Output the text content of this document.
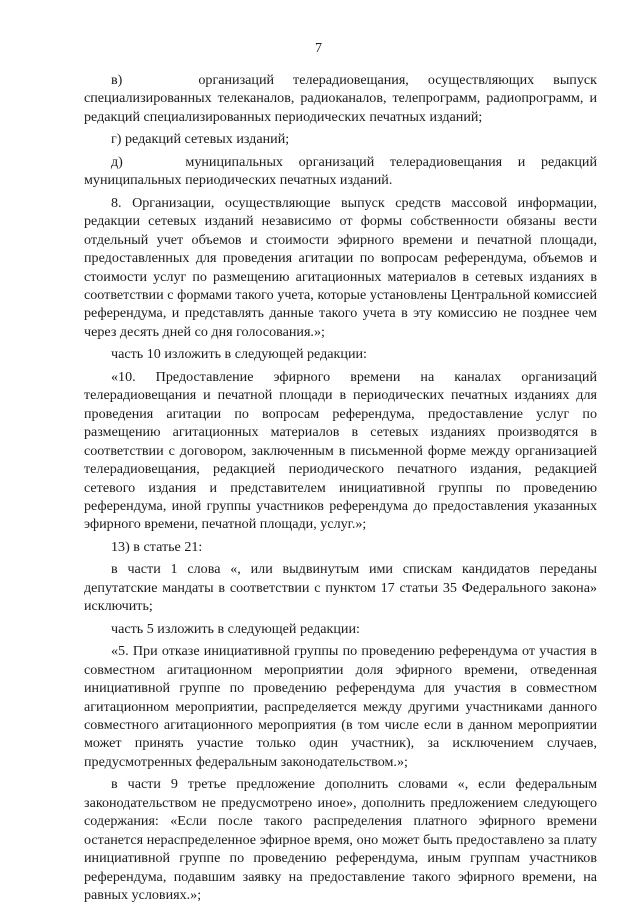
7

в)    организаций телерадиовещания, осуществляющих выпуск специализированных телеканалов, радиоканалов, телепрограмм, радиопрограмм, и редакций специализированных периодических печатных изданий;

г) редакций сетевых изданий;

д)    муниципальных организаций телерадиовещания и редакций муниципальных периодических печатных изданий.

8. Организации, осуществляющие выпуск средств массовой информации, редакции сетевых изданий независимо от формы собственности обязаны вести отдельный учет объемов и стоимости эфирного времени и печатной площади, предоставленных для проведения агитации по вопросам референдума, объемов и стоимости услуг по размещению агитационных материалов в сетевых изданиях в соответствии с формами такого учета, которые установлены Центральной комиссией референдума, и представлять данные такого учета в эту комиссию не позднее чем через десять дней со дня голосования.»;

часть 10 изложить в следующей редакции:

«10. Предоставление эфирного времени на каналах организаций телерадиовещания и печатной площади в периодических печатных изданиях для проведения агитации по вопросам референдума, предоставление услуг по размещению агитационных материалов в сетевых изданиях производятся в соответствии с договором, заключенным в письменной форме между организацией телерадиовещания, редакцией периодического печатного издания, редакцией сетевого издания и представителем инициативной группы по проведению референдума, иной группы участников референдума до предоставления указанных эфирного времени, печатной площади, услуг.»;

13) в статье 21:

в части 1 слова «, или выдвинутым ими спискам кандидатов переданы депутатские мандаты в соответствии с пунктом 17 статьи 35 Федерального закона» исключить;

часть 5 изложить в следующей редакции:

«5. При отказе инициативной группы по проведению референдума от участия в совместном агитационном мероприятии доля эфирного времени, отведенная инициативной группе по проведению референдума для участия в совместном агитационном мероприятии, распределяется между другими участниками данного совместного агитационного мероприятия (в том числе если в данном мероприятии может принять участие только один участник), за исключением случаев, предусмотренных федеральным законодательством.»;

в части 9 третье предложение дополнить словами «, если федеральным законодательством не предусмотрено иное», дополнить предложением следующего содержания: «Если после такого распределения платного эфирного времени останется нераспределенное эфирное время, оно может быть предоставлено за плату инициативной группе по проведению референдума, иным группам участников референдума, подавшим заявку на предоставление такого эфирного времени, на равных условиях.»;
